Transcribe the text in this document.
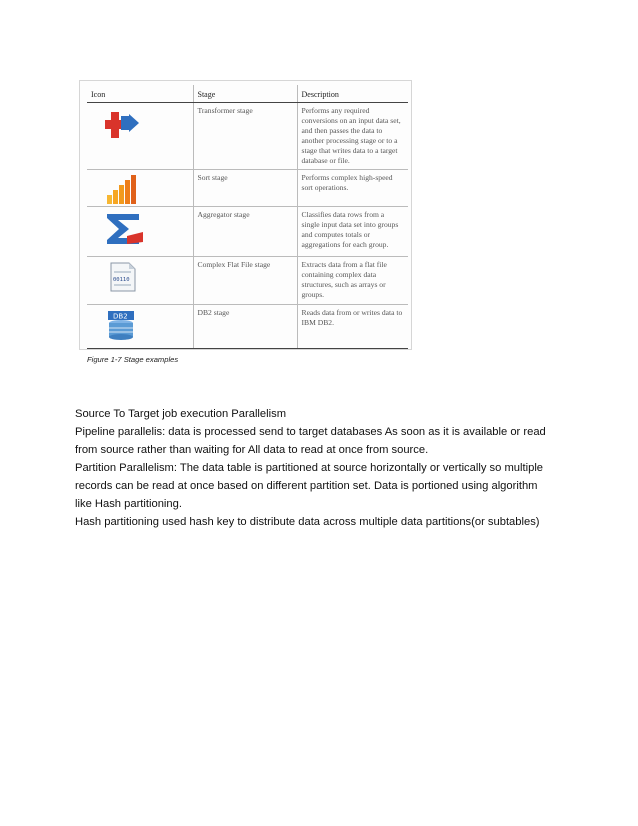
Icon	Stage	Description

	Transformer stage	Performs any required conversions on an input data set, and then passes the data to another processing stage or to a stage that writes data to a target database or file.

	Sort stage	Performs complex high-speed sort operations.

	Aggregator stage	Classifies data rows from a single input data set into groups and computes totals or aggregations for each group.

00110	Complex Flat File stage	Extracts data from a flat file containing complex data structures, such as arrays or groups.

DB2	DB2 stage	Reads data from or writes data to IBM DB2.
Figure 1-7 Stage examples

Source To Target job execution Parallelism

Pipeline parallelis: data is processed send to target databases As soon as it is available or read from source rather than waiting for All data to read at once from source.

Partition Parallelism: The data table is partitioned at source horizontally or vertically so multiple records can be read at once based on different partition set. Data is portioned using algorithm like Hash partitioning.

Hash partitioning used hash key to distribute data across multiple data partitions(or subtables)
